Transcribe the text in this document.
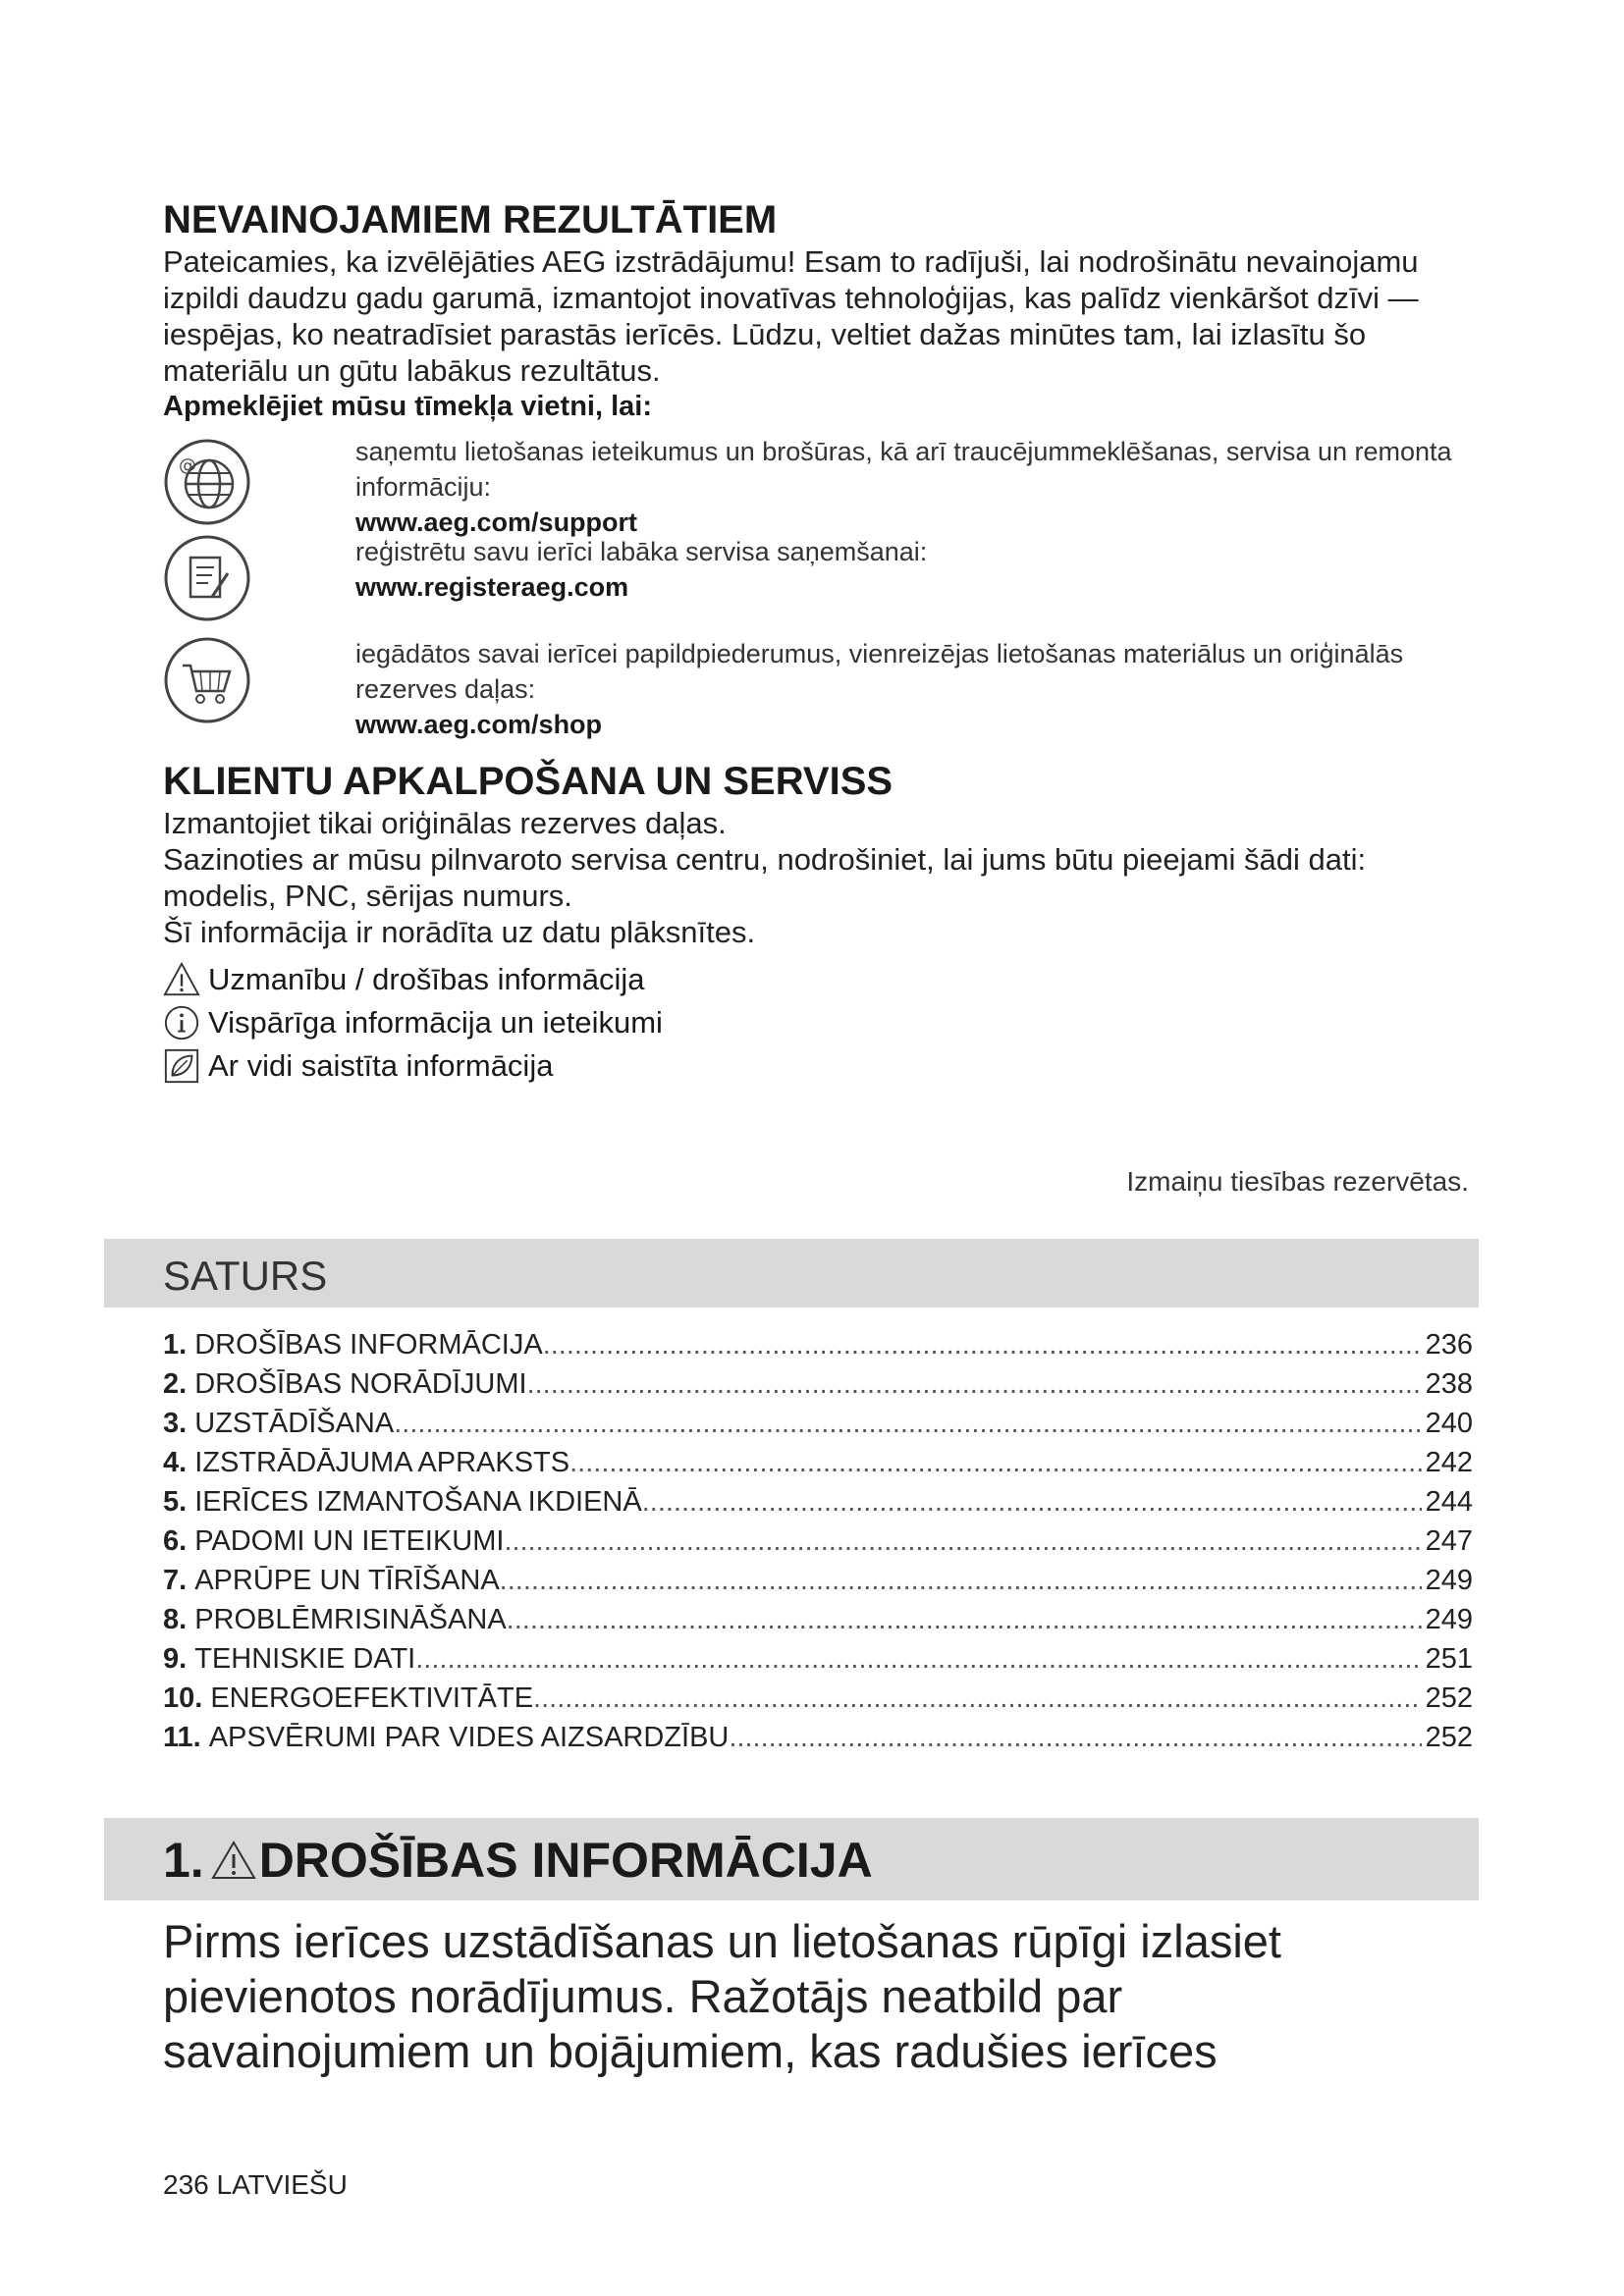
NEVAINOJAMIEM REZULTĀTIEM

Pateicamies, ka izvēlējāties AEG izstrādājumu! Esam to radījuši, lai nodrošinātu nevainojamu izpildi daudzu gadu garumā, izmantojot inovatīvas tehnoloģijas, kas palīdz vienkāršot dzīvi — iespējas, ko neatradīsiet parastās ierīcēs. Lūdzu, veltiet dažas minūtes tam, lai izlasītu šo materiālu un gūtu labākus rezultātus.

Apmeklējiet mūsu tīmekļa vietni, lai:

@	saņemtu lietošanas ieteikumus un brošūras, kā arī traucējummeklēšanas, servisa un remonta informāciju:
www.aeg.com/support
reģistrētu savu ierīci labāka servisa saņemšanai:
www.registeraeg.com
iegādātos savai ierīcei papildpiederumus, vienreizējas lietošanas materiālus un oriģinālās rezerves daļas:
www.aeg.com/shop
KLIENTU APKALPOŠANA UN SERVISS

Izmantojiet tikai oriģinālas rezerves daļas.

Sazinoties ar mūsu pilnvaroto servisa centru, nodrošiniet, lai jums būtu pieejami šādi dati: modelis, PNC, sērijas numurs.

Šī informācija ir norādīta uz datu plāksnītes.

Uzmanību / drošības informācija
Vispārīga informācija un ieteikumi
Ar vidi saistīta informācija
Izmaiņu tiesības rezervētas.
SATURS
1. DROŠĪBAS INFORMĀCIJA .....	236
2. DROŠĪBAS NORĀDĪJUMI .....	238
3. UZSTĀDĪŠANA .....	240
4. IZSTRĀDĀJUMA APRAKSTS .....	242
5. IERĪCES IZMANTOŠANA IKDIENĀ .....	244
6. PADOMI UN IETEIKUMI .....	247
7. APRŪPE UN TĪRĪŠANA .....	249
8. PROBLĒMRISINĀŠANA .....	249
9. TEHNISKIE DATI .....	251
10. ENERGOEFEKTIVITĀTE .....	252
11. APSVĒRUMI PAR VIDES AIZSARDZĪBU .....	252
1. DROŠĪBAS INFORMĀCIJA

Pirms ierīces uzstādīšanas un lietošanas rūpīgi izlasiet pievienotos norādījumus. Ražotājs neatbild par savainojumiem un bojājumiem, kas radušies ierīces

236 LATVIEŠU
